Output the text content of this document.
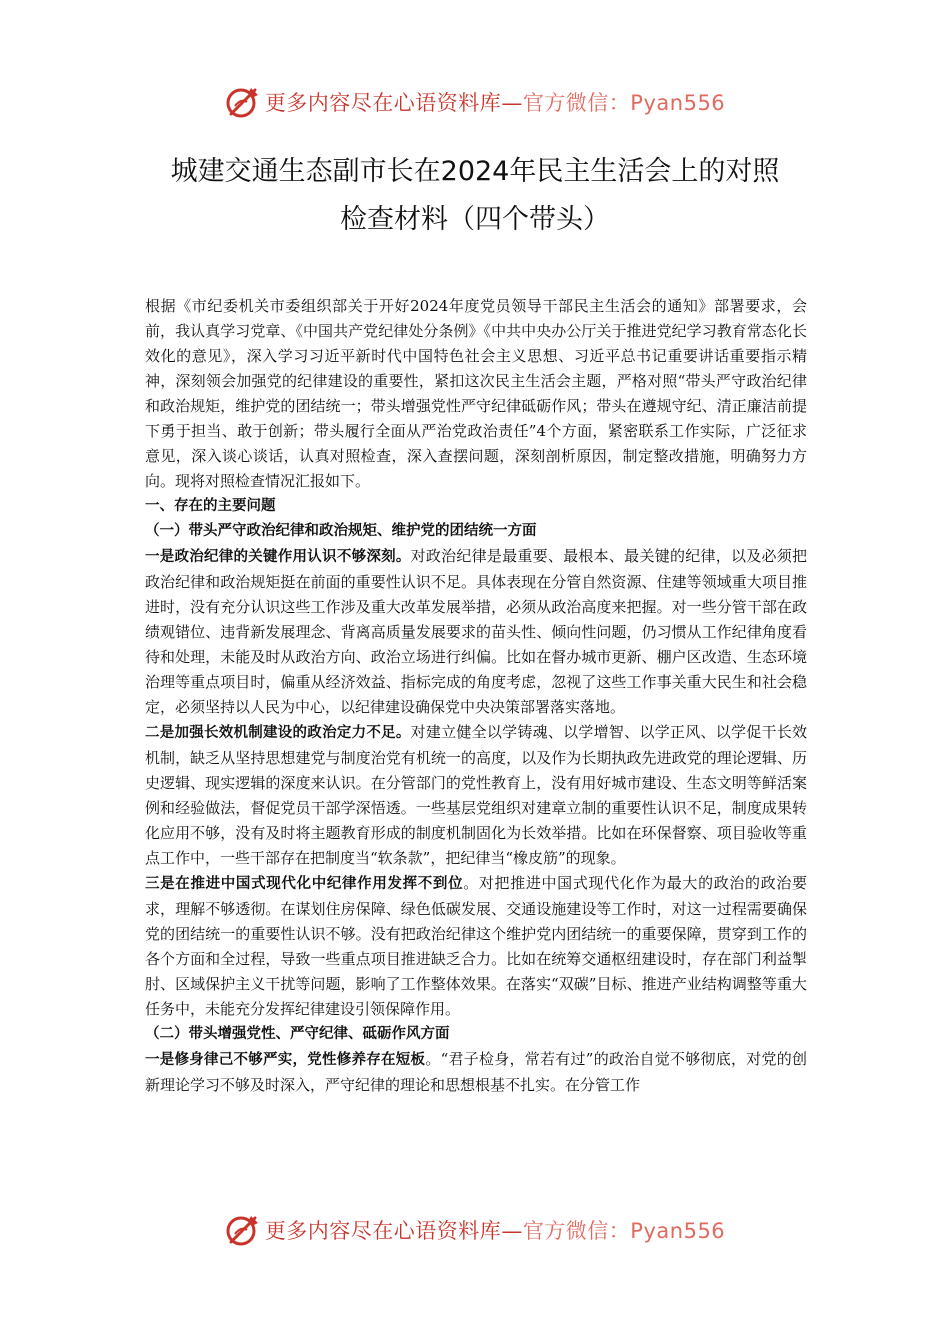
更多内容尽在心语资料库—官方微信：Pyan556
城建交通生态副市长在2024年民主生活会上的对照
检查材料（四个带头）

根据《市纪委机关市委组织部关于开好2024年度党员领导干部民主生活会的通知》部署要求，会前，我认真学习党章、《中国共产党纪律处分条例》《中共中央办公厅关于推进党纪学习教育常态化长效化的意见》，深入学习习近平新时代中国特色社会主义思想、习近平总书记重要讲话重要指示精神，深刻领会加强党的纪律建设的重要性，紧扣这次民主生活会主题，严格对照“带头严守政治纪律和政治规矩，维护党的团结统一；带头增强党性严守纪律砥砺作风；带头在遵规守纪、清正廉洁前提下勇于担当、敢于创新；带头履行全面从严治党政治责任”4个方面，紧密联系工作实际，广泛征求意见，深入谈心谈话，认真对照检查，深入查摆问题，深刻剖析原因，制定整改措施，明确努力方向。现将对照检查情况汇报如下。

一、存在的主要问题

（一）带头严守政治纪律和政治规矩、维护党的团结统一方面

一是政治纪律的关键作用认识不够深刻。对政治纪律是最重要、最根本、最关键的纪律，以及必须把政治纪律和政治规矩挺在前面的重要性认识不足。具体表现在分管自然资源、住建等领域重大项目推进时，没有充分认识这些工作涉及重大改革发展举措，必须从政治高度来把握。对一些分管干部在政绩观错位、违背新发展理念、背离高质量发展要求的苗头性、倾向性问题，仍习惯从工作纪律角度看待和处理，未能及时从政治方向、政治立场进行纠偏。比如在督办城市更新、棚户区改造、生态环境治理等重点项目时，偏重从经济效益、指标完成的角度考虑，忽视了这些工作事关重大民生和社会稳定，必须坚持以人民为中心，以纪律建设确保党中央决策部署落实落地。

二是加强长效机制建设的政治定力不足。对建立健全以学铸魂、以学增智、以学正风、以学促干长效机制，缺乏从坚持思想建党与制度治党有机统一的高度，以及作为长期执政先进政党的理论逻辑、历史逻辑、现实逻辑的深度来认识。在分管部门的党性教育上，没有用好城市建设、生态文明等鲜活案例和经验做法，督促党员干部学深悟透。一些基层党组织对建章立制的重要性认识不足，制度成果转化应用不够，没有及时将主题教育形成的制度机制固化为长效举措。比如在环保督察、项目验收等重点工作中，一些干部存在把制度当“软条款”，把纪律当“橡皮筋”的现象。

三是在推进中国式现代化中纪律作用发挥不到位。对把推进中国式现代化作为最大的政治的政治要求，理解不够透彻。在谋划住房保障、绿色低碳发展、交通设施建设等工作时，对这一过程需要确保党的团结统一的重要性认识不够。没有把政治纪律这个维护党内团结统一的重要保障，贯穿到工作的各个方面和全过程，导致一些重点项目推进缺乏合力。比如在统筹交通枢纽建设时，存在部门利益掣肘、区域保护主义干扰等问题，影响了工作整体效果。在落实“双碳”目标、推进产业结构调整等重大任务中，未能充分发挥纪律建设引领保障作用。

（二）带头增强党性、严守纪律、砥砺作风方面

一是修身律己不够严实，党性修养存在短板。“君子检身，常若有过”的政治自觉不够彻底，对党的创新理论学习不够及时深入，严守纪律的理论和思想根基不扎实。在分管工作

更多内容尽在心语资料库—官方微信：Pyan556
